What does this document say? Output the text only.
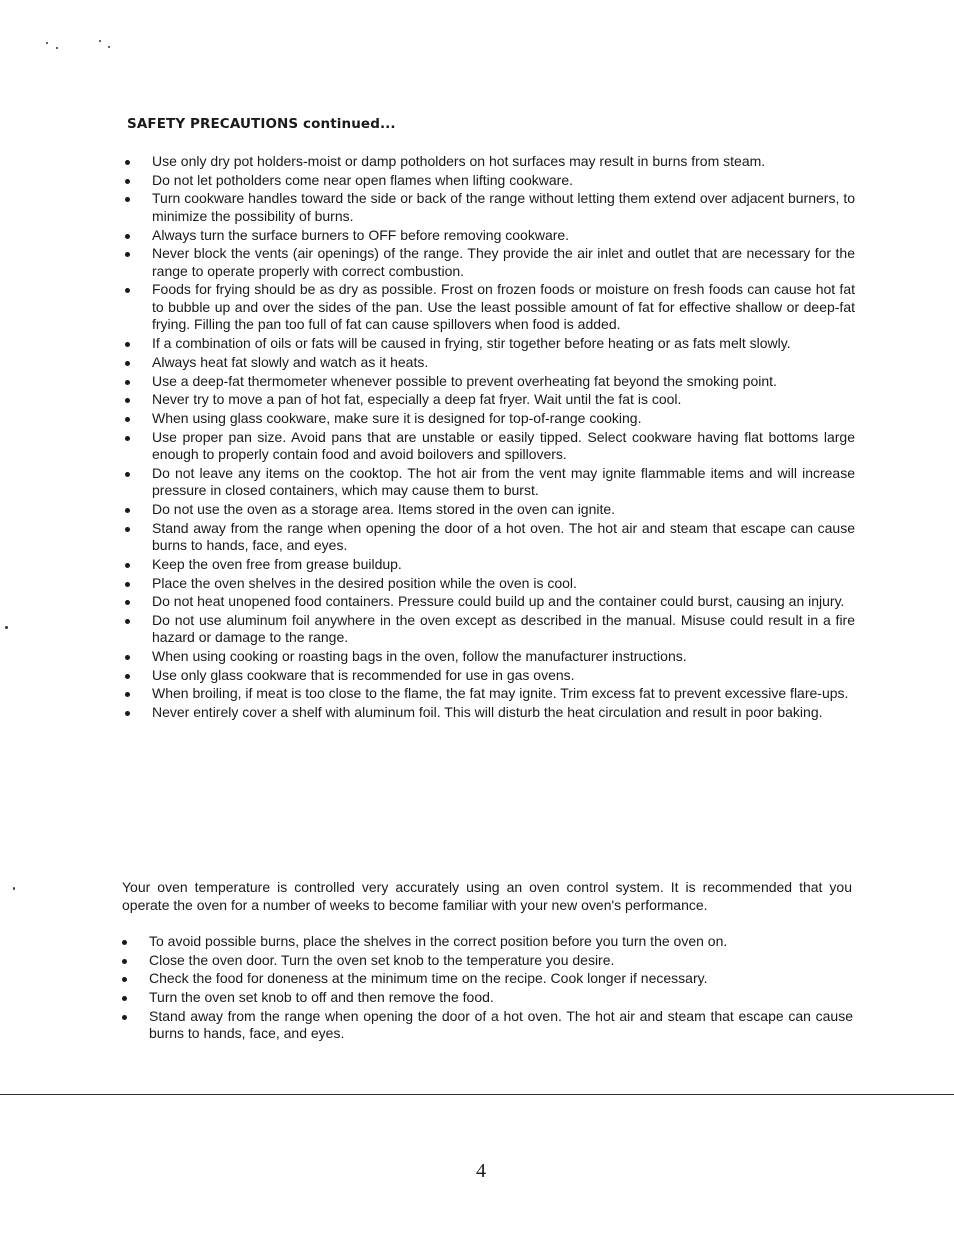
SAFETY PRECAUTIONS continued...
Use only dry pot holders-moist or damp potholders on hot surfaces may result in burns from steam.
Do not let potholders come near open flames when lifting cookware.
Turn cookware handles toward the side or back of the range without letting them extend over adjacent burners, to minimize the possibility of burns.
Always turn the surface burners to OFF before removing cookware.
Never block the vents (air openings) of the range. They provide the air inlet and outlet that are necessary for the range to operate properly with correct combustion.
Foods for frying should be as dry as possible. Frost on frozen foods or moisture on fresh foods can cause hot fat to bubble up and over the sides of the pan. Use the least possible amount of fat for effective shallow or deep-fat frying. Filling the pan too full of fat can cause spillovers when food is added.
If a combination of oils or fats will be caused in frying, stir together before heating or as fats melt slowly.
Always heat fat slowly and watch as it heats.
Use a deep-fat thermometer whenever possible to prevent overheating fat beyond the smoking point.
Never try to move a pan of hot fat, especially a deep fat fryer. Wait until the fat is cool.
When using glass cookware, make sure it is designed for top-of-range cooking.
Use proper pan size. Avoid pans that are unstable or easily tipped. Select cookware having flat bottoms large enough to properly contain food and avoid boilovers and spillovers.
Do not leave any items on the cooktop. The hot air from the vent may ignite flammable items and will increase pressure in closed containers, which may cause them to burst.
Do not use the oven as a storage area. Items stored in the oven can ignite.
Stand away from the range when opening the door of a hot oven. The hot air and steam that escape can cause burns to hands, face, and eyes.
Keep the oven free from grease buildup.
Place the oven shelves in the desired position while the oven is cool.
Do not heat unopened food containers. Pressure could build up and the container could burst, causing an injury.
Do not use aluminum foil anywhere in the oven except as described in the manual. Misuse could result in a fire hazard or damage to the range.
When using cooking or roasting bags in the oven, follow the manufacturer instructions.
Use only glass cookware that is recommended for use in gas ovens.
When broiling, if meat is too close to the flame, the fat may ignite. Trim excess fat to prevent excessive flare-ups.
Never entirely cover a shelf with aluminum foil. This will disturb the heat circulation and result in poor baking.

Your oven temperature is controlled very accurately using an oven control system. It is recommended that you operate the oven for a number of weeks to become familiar with your new oven's performance.

To avoid possible burns, place the shelves in the correct position before you turn the oven on.
Close the oven door. Turn the oven set knob to the temperature you desire.
Check the food for doneness at the minimum time on the recipe. Cook longer if necessary.
Turn the oven set knob to off and then remove the food.
Stand away from the range when opening the door of a hot oven. The hot air and steam that escape can cause burns to hands, face, and eyes.

4
